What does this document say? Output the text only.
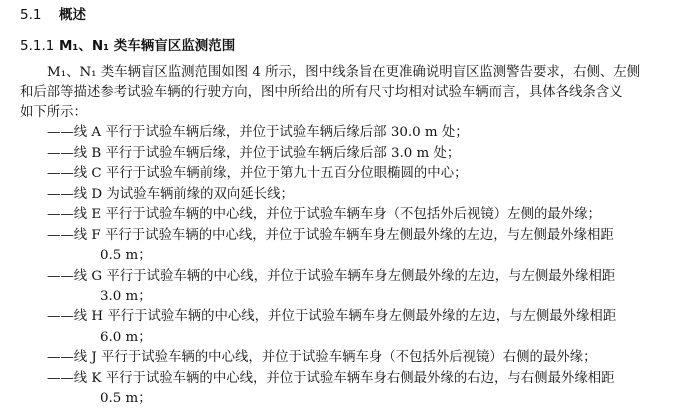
5.1 概述
5.1.1 M₁、N₁ 类车辆盲区监测范围
M₁、N₁ 类车辆盲区监测范围如图 4 所示，图中线条旨在更准确说明盲区监测警告要求，右侧、左侧
和后部等描述参考试验车辆的行驶方向，图中所给出的所有尺寸均相对试验车辆而言，具体各线条含义
如下所示：
——线 A 平行于试验车辆后缘，并位于试验车辆后缘后部 30.0 m 处；
——线 B 平行于试验车辆后缘，并位于试验车辆后缘后部 3.0 m 处；
——线 C 平行于试验车辆前缘，并位于第九十五百分位眼椭圆的中心；
——线 D 为试验车辆前缘的双向延长线；
——线 E 平行于试验车辆的中心线，并位于试验车辆车身（不包括外后视镜）左侧的最外缘；
——线 F 平行于试验车辆的中心线，并位于试验车辆车身左侧最外缘的左边，与左侧最外缘相距
0.5 m；
——线 G 平行于试验车辆的中心线，并位于试验车辆车身左侧最外缘的左边，与左侧最外缘相距
3.0 m；
——线 H 平行于试验车辆的中心线，并位于试验车辆车身左侧最外缘的左边，与左侧最外缘相距
6.0 m；
——线 J 平行于试验车辆的中心线，并位于试验车辆车身（不包括外后视镜）右侧的最外缘；
——线 K 平行于试验车辆的中心线，并位于试验车辆车身右侧最外缘的右边，与右侧最外缘相距
0.5 m；
